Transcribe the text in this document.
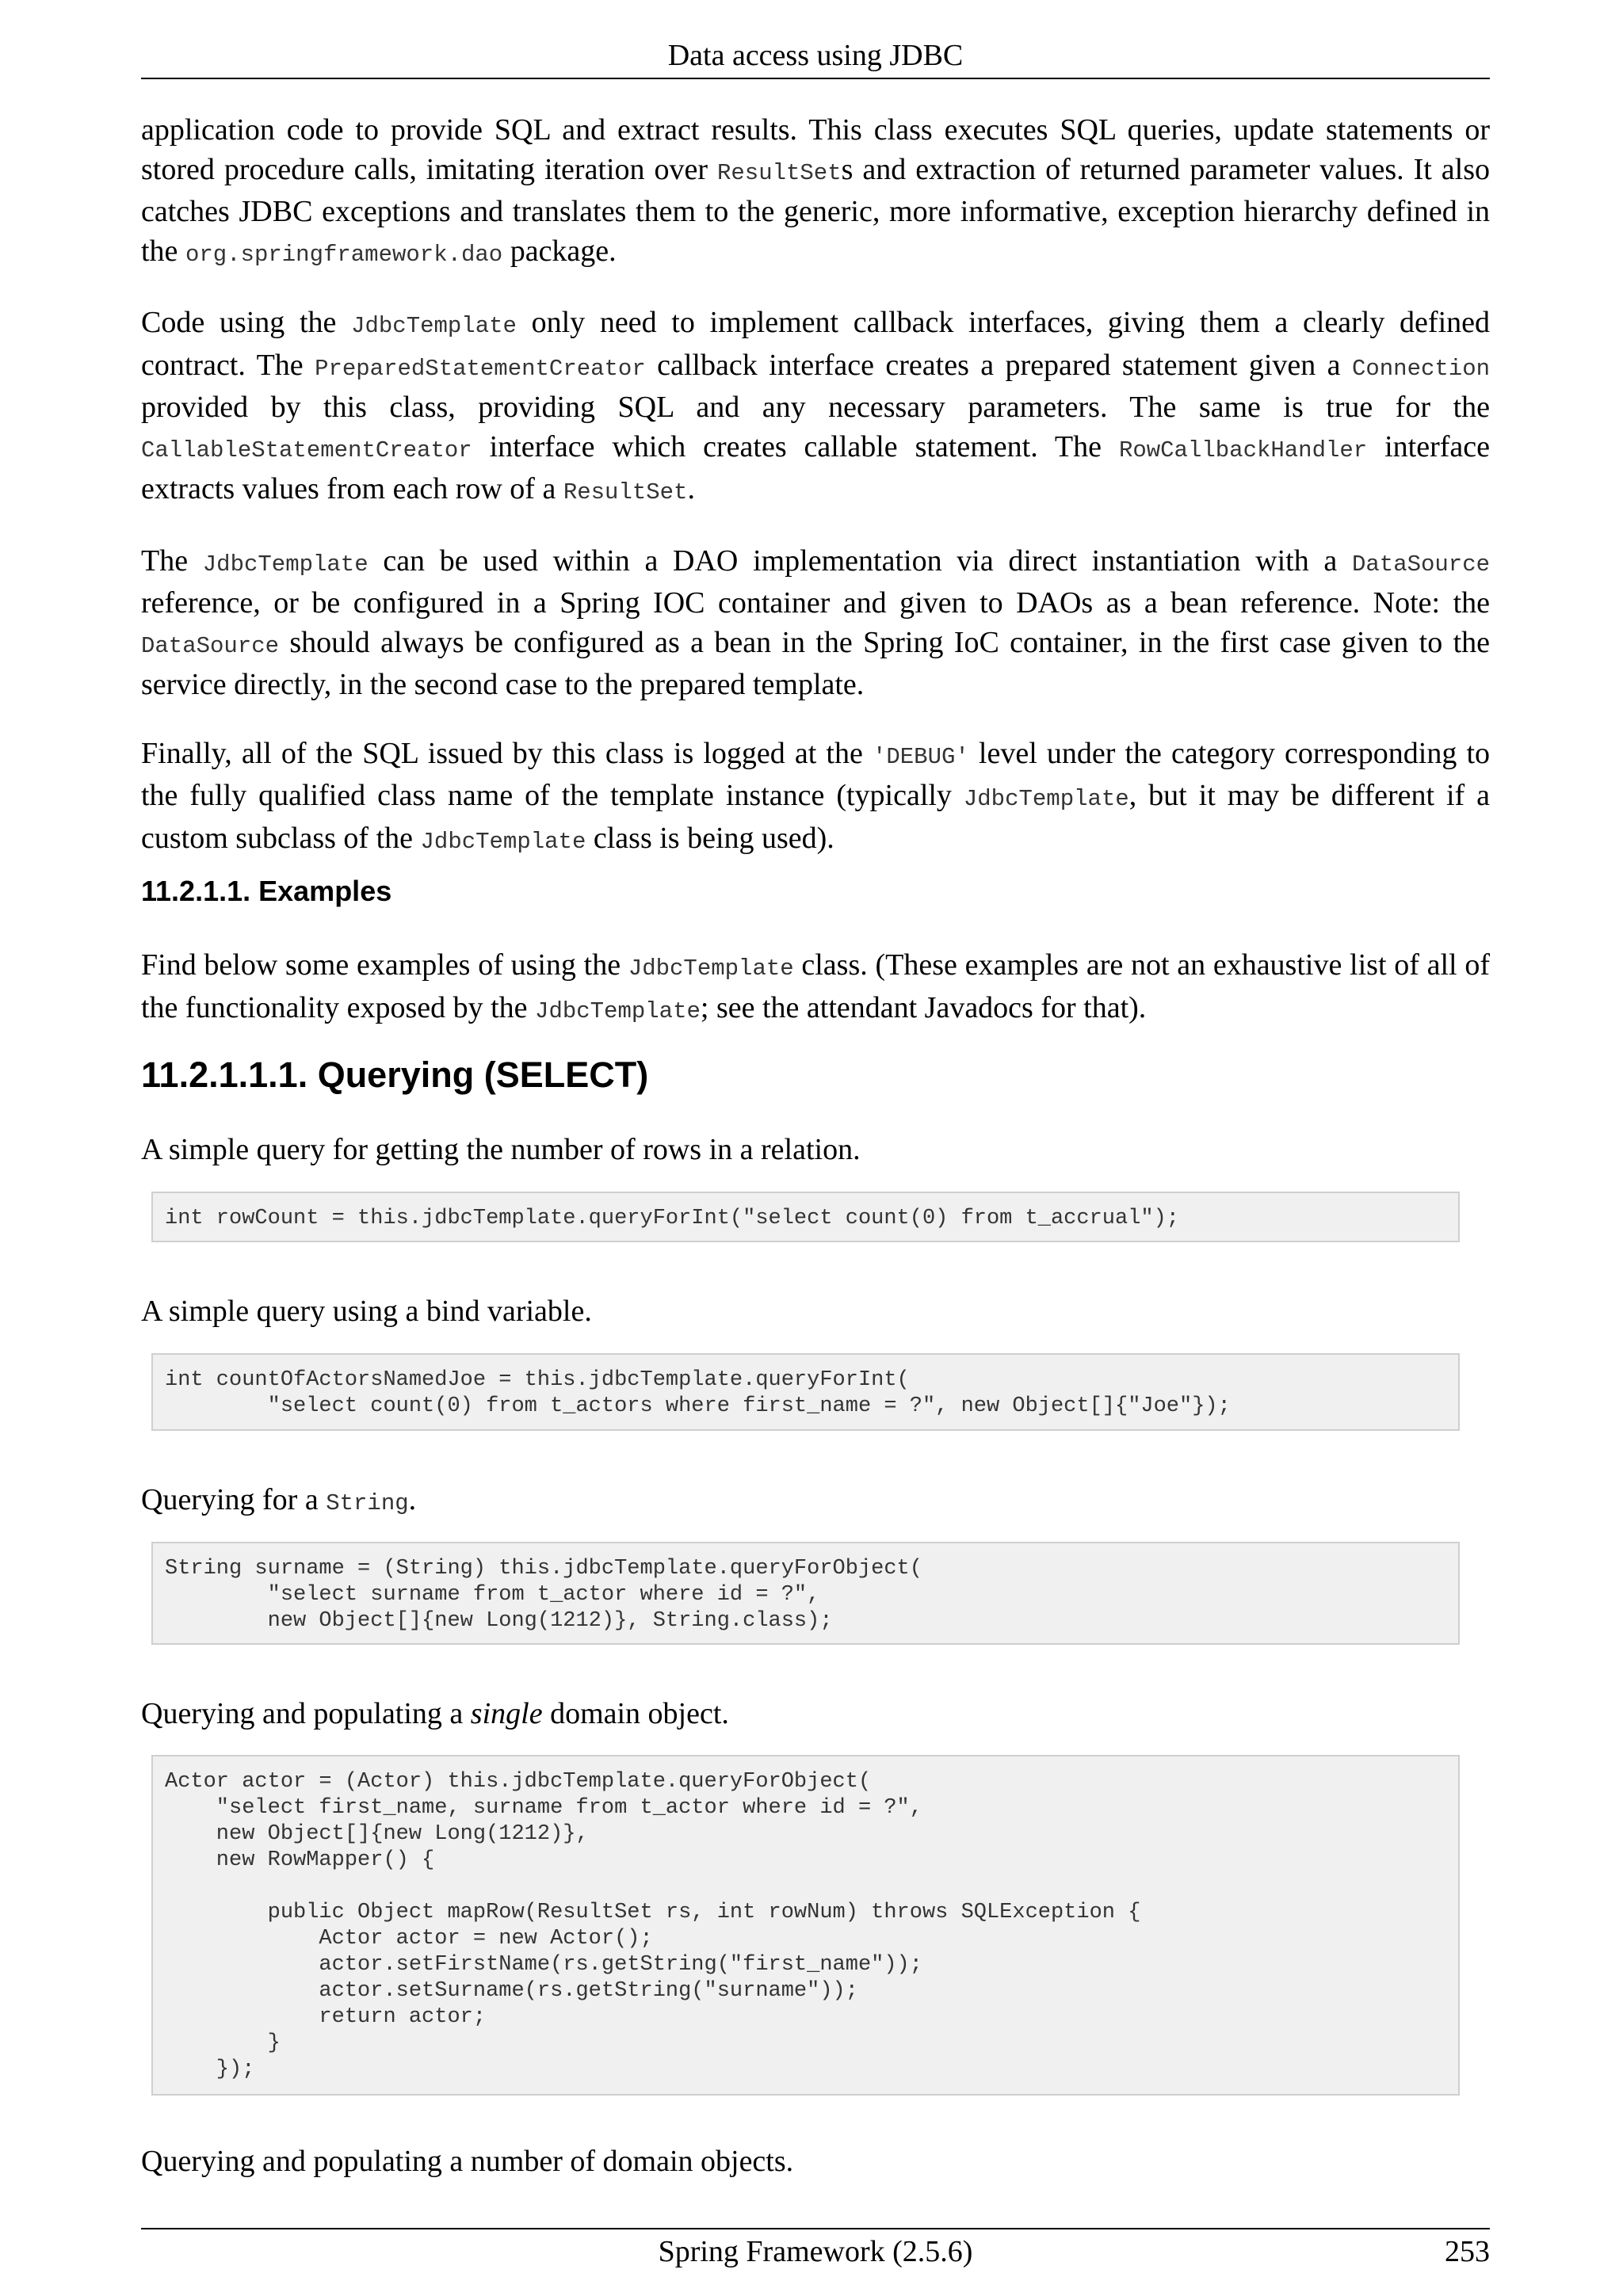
Data access using JDBC

application code to provide SQL and extract results. This class executes SQL queries, update statements or stored procedure calls, imitating iteration over ResultSets and extraction of returned parameter values. It also catches JDBC exceptions and translates them to the generic, more informative, exception hierarchy defined in the org.springframework.dao package.

Code using the JdbcTemplate only need to implement callback interfaces, giving them a clearly defined contract. The PreparedStatementCreator callback interface creates a prepared statement given a Connection provided by this class, providing SQL and any necessary parameters. The same is true for the CallableStatementCreator interface which creates callable statement. The RowCallbackHandler interface extracts values from each row of a ResultSet.

The JdbcTemplate can be used within a DAO implementation via direct instantiation with a DataSource reference, or be configured in a Spring IOC container and given to DAOs as a bean reference. Note: the DataSource should always be configured as a bean in the Spring IoC container, in the first case given to the service directly, in the second case to the prepared template.

Finally, all of the SQL issued by this class is logged at the 'DEBUG' level under the category corresponding to the fully qualified class name of the template instance (typically JdbcTemplate, but it may be different if a custom subclass of the JdbcTemplate class is being used).

11.2.1.1. Examples

Find below some examples of using the JdbcTemplate class. (These examples are not an exhaustive list of all of the functionality exposed by the JdbcTemplate; see the attendant Javadocs for that).

11.2.1.1.1. Querying (SELECT)

A simple query for getting the number of rows in a relation.

int rowCount = this.jdbcTemplate.queryForInt("select count(0) from t_accrual");

A simple query using a bind variable.

int countOfActorsNamedJoe = this.jdbcTemplate.queryForInt(
"select count(0) from t_actors where first_name = ?", new Object[]{"Joe"});

Querying for a String.

String surname = (String) this.jdbcTemplate.queryForObject(
"select surname from t_actor where id = ?",
new Object[]{new Long(1212)}, String.class);

Querying and populating a single domain object.

Actor actor = (Actor) this.jdbcTemplate.queryForObject(
"select first_name, surname from t_actor where id = ?",
new Object[]{new Long(1212)},
new RowMapper() {

public Object mapRow(ResultSet rs, int rowNum) throws SQLException {
Actor actor = new Actor();
actor.setFirstName(rs.getString("first_name"));
actor.setSurname(rs.getString("surname"));
return actor;
}
});

Querying and populating a number of domain objects.

Spring Framework (2.5.6)	253
